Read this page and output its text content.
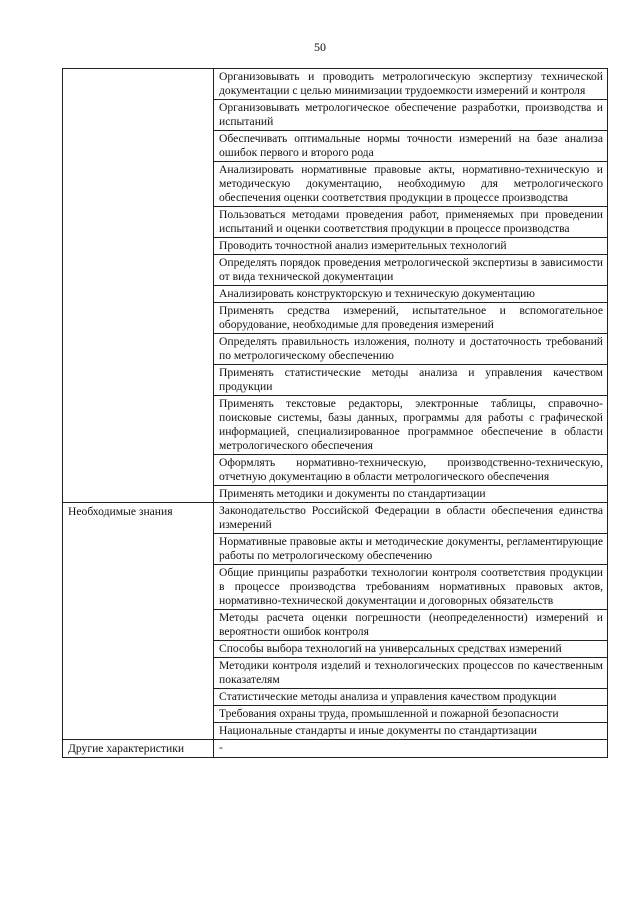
50
	Организовывать и проводить метрологическую экспертизу технической документации с целью минимизации трудоемкости измерений и контроля
	Организовывать метрологическое обеспечение разработки, производства и испытаний
	Обеспечивать оптимальные нормы точности измерений на базе анализа ошибок первого и второго рода
	Анализировать нормативные правовые акты, нормативно-техническую и методическую документацию, необходимую для метрологического обеспечения оценки соответствия продукции в процессе производства
	Пользоваться методами проведения работ, применяемых при проведении испытаний и оценки соответствия продукции в процессе производства
	Проводить точностной анализ измерительных технологий
	Определять порядок проведения метрологической экспертизы в зависимости от вида технической документации
	Анализировать конструкторскую и техническую документацию
	Применять средства измерений, испытательное и вспомогательное оборудование, необходимые для проведения измерений
	Определять правильность изложения, полноту и достаточность требований по метрологическому обеспечению
	Применять статистические методы анализа и управления качеством продукции
	Применять текстовые редакторы, электронные таблицы, справочно-поисковые системы, базы данных, программы для работы с графической информацией, специализированное программное обеспечение в области метрологического обеспечения
	Оформлять нормативно-техническую, производственно-техническую, отчетную документацию в области метрологического обеспечения
	Применять методики и документы по стандартизации
Необходимые знания	Законодательство Российской Федерации в области обеспечения единства измерений
	Нормативные правовые акты и методические документы, регламентирующие работы по метрологическому обеспечению
	Общие принципы разработки технологии контроля соответствия продукции в процессе производства требованиям нормативных правовых актов, нормативно-технической документации и договорных обязательств
	Методы расчета оценки погрешности (неопределенности) измерений и вероятности ошибок контроля
	Способы выбора технологий на универсальных средствах измерений
	Методики контроля изделий и технологических процессов по качественным показателям
	Статистические методы анализа и управления качеством продукции
	Требования охраны труда, промышленной и пожарной безопасности
	Национальные стандарты и иные документы по стандартизации
Другие характеристики	-
